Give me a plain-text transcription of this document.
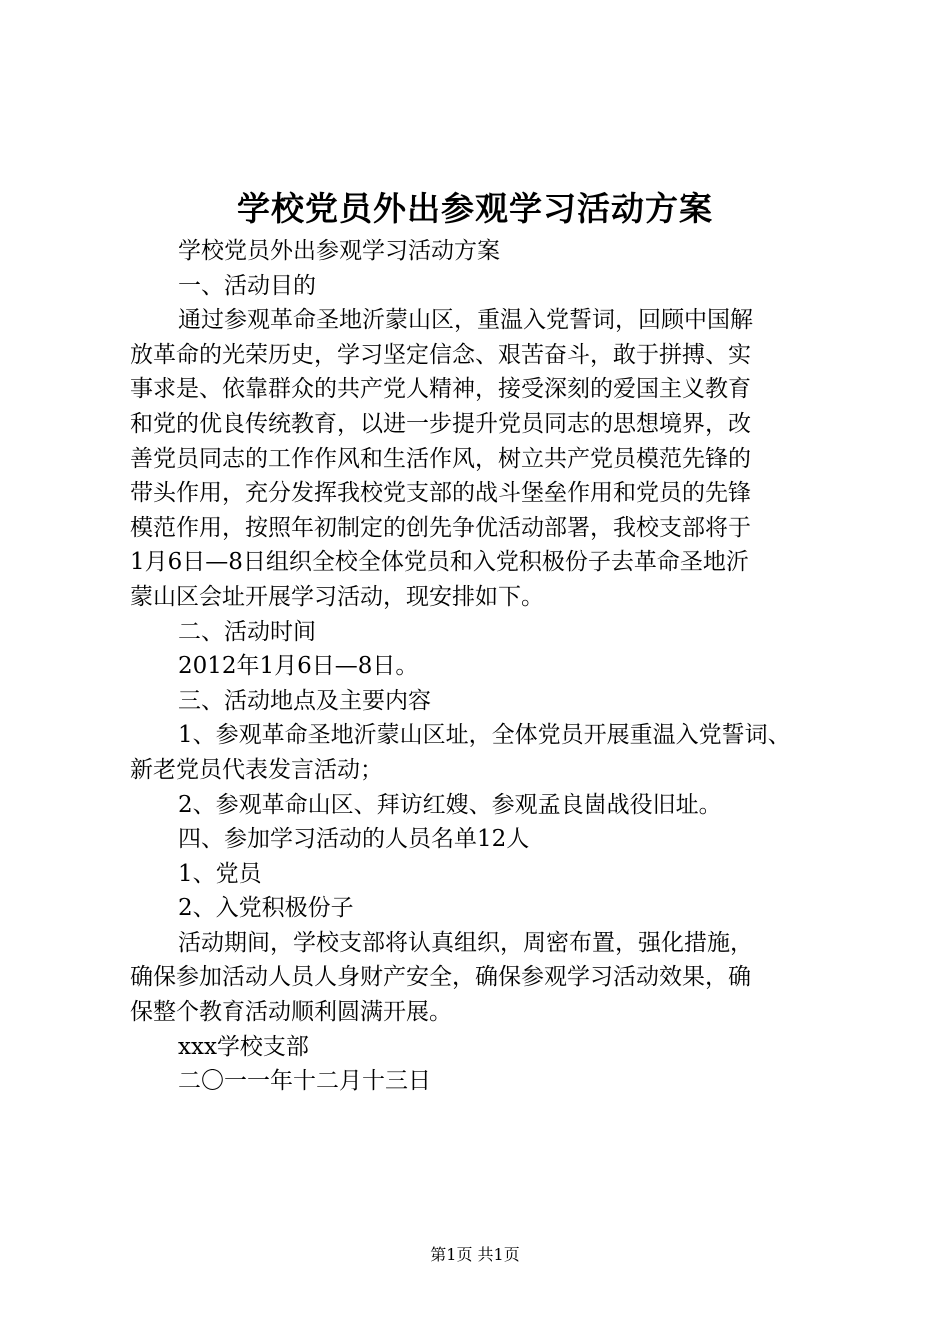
学校党员外出参观学习活动方案

学校党员外出参观学习活动方案

一、活动目的

通过参观革命圣地沂蒙山区，重温入党誓词，回顾中国解
放革命的光荣历史，学习坚定信念、艰苦奋斗，敢于拼搏、实
事求是、依靠群众的共产党人精神，接受深刻的爱国主义教育
和党的优良传统教育，以进一步提升党员同志的思想境界，改
善党员同志的工作作风和生活作风，树立共产党员模范先锋的
带头作用，充分发挥我校党支部的战斗堡垒作用和党员的先锋
模范作用，按照年初制定的创先争优活动部署，我校支部将于
1月6日—8日组织全校全体党员和入党积极份子去革命圣地沂
蒙山区会址开展学习活动，现安排如下。

二、活动时间

2012年1月6日—8日。

三、活动地点及主要内容

1、参观革命圣地沂蒙山区址，全体党员开展重温入党誓词、
新老党员代表发言活动；

2、参观革命山区、拜访红嫂、参观孟良崮战役旧址。

四、参加学习活动的人员名单12人

1、党员

2、入党积极份子

活动期间，学校支部将认真组织，周密布置，强化措施，
确保参加活动人员人身财产安全，确保参观学习活动效果，确
保整个教育活动顺利圆满开展。

xxx学校支部

二〇一一年十二月十三日

第1页 共1页
